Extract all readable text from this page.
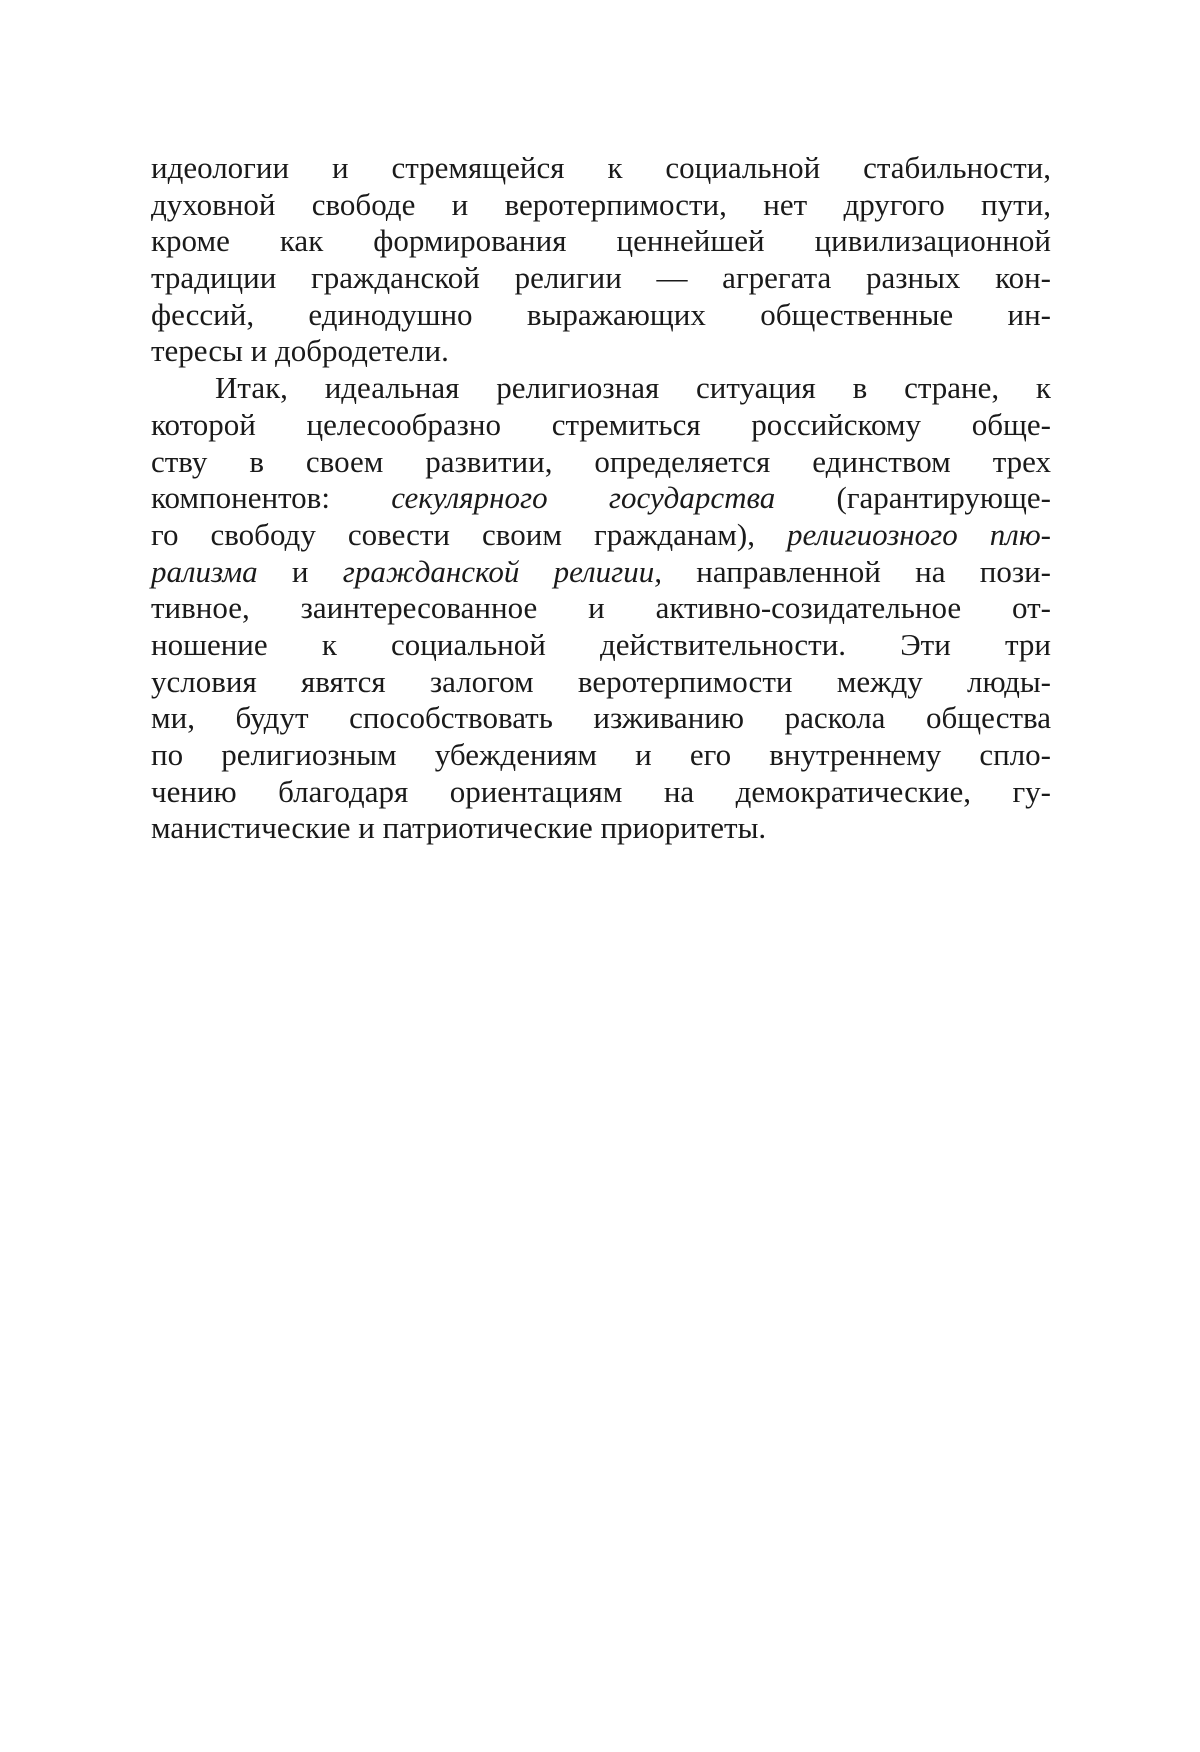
идеологии и стремящейся к социальной стабильности,
духовной свободе и веротерпимости, нет другого пути,
кроме как формирования ценнейшей цивилизационной
традиции гражданской религии — агрегата разных кон-
фессий, единодушно выражающих общественные ин-
тересы и добродетели.
Итак, идеальная религиозная ситуация в стране, к
которой целесообразно стремиться российскому обще-
ству в своем развитии, определяется единством трех
компонентов: секулярного государства (гарантирующе-
го свободу совести своим гражданам), религиозного плю-
рализма и гражданской религии, направленной на пози-
тивное, заинтересованное и активно-созидательное от-
ношение к социальной действительности. Эти три
условия явятся залогом веротерпимости между люды-
ми, будут способствовать изживанию раскола общества
по религиозным убеждениям и его внутреннему спло-
чению благодаря ориентациям на демократические, гу-
манистические и патриотические приоритеты.
